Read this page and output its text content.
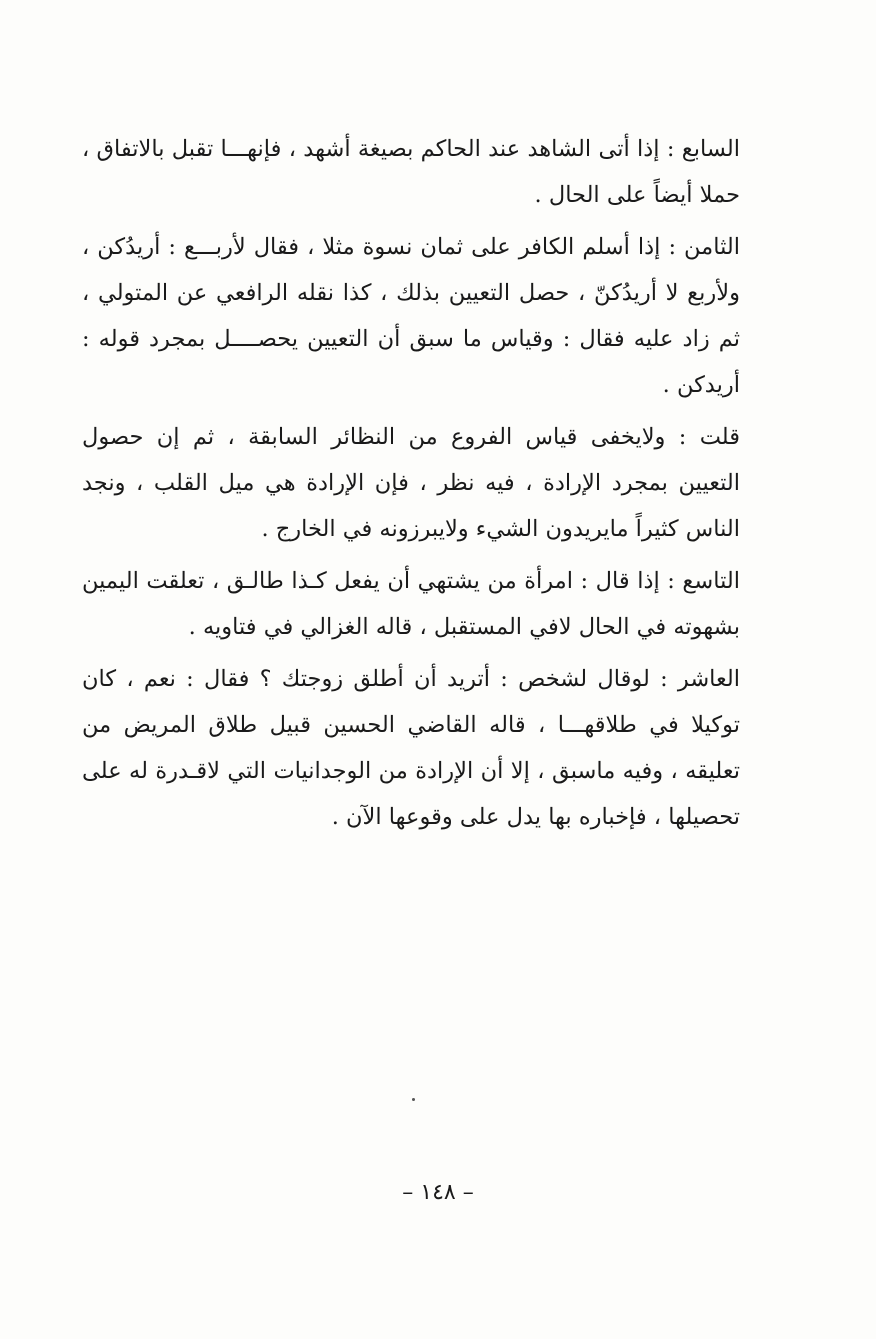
السابع : إذا أتى الشاهد عند الحاكم بصيغة أشهد ، فإنهـــا تقبل بالاتفاق ، حملا أيضاً على الحال .

الثامن : إذا أسلم الكافر على ثمان نسوة مثلا ، فقال لأربـــع : أريدُكن ، ولأربع لا أريدُكنّ ، حصل التعيين بذلك ، كذا نقله الرافعي عن المتولي ، ثم زاد عليه فقال : وقياس ما سبق أن التعيين يحصــــل بمجرد قوله : أريدكن .

قلت : ولايخفى قياس الفروع من النظائر السابقة ، ثم إن حصول التعيين بمجرد الإرادة ، فيه نظر ، فإن الإرادة هي ميل القلب ، ونجد الناس كثيراً مايريدون الشيء ولايبرزونه في الخارج .

التاسع : إذا قال : امرأة من يشتهي أن يفعل كـذا طالـق ، تعلقت اليمين بشهوته في الحال لافي المستقبل ، قاله الغزالي في فتاويه .

العاشر : لوقال لشخص : أتريد أن أطلق زوجتك ؟ فقال : نعم ، كان توكيلا في طلاقهـــا ، قاله القاضي الحسين قبيل طلاق المريض من تعليقه ، وفيه ماسبق ، إلا أن الإرادة من الوجدانيات التي لاقـدرة له على تحصيلها ، فإخباره بها يدل على وقوعها الآن .

– ١٤٨ –
